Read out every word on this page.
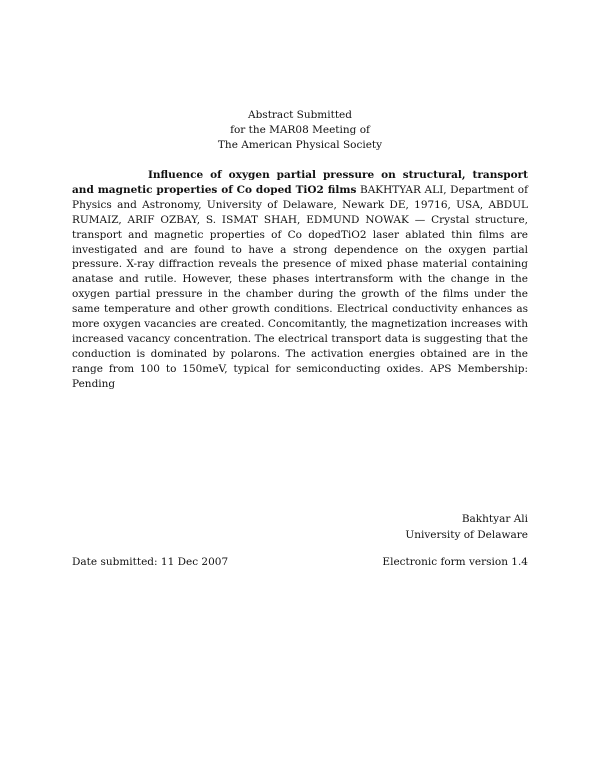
Abstract Submitted
for the MAR08 Meeting of
The American Physical Society
Influence of oxygen partial pressure on structural, transport and magnetic properties of Co doped TiO2 films BAKHTYAR ALI, Department of Physics and Astronomy, University of Delaware, Newark DE, 19716, USA, ABDUL RUMAIZ, ARIF OZBAY, S. ISMAT SHAH, EDMUND NOWAK — Crystal structure, transport and magnetic properties of Co dopedTiO2 laser ablated thin films are investigated and are found to have a strong dependence on the oxygen partial pressure. X-ray diffraction reveals the presence of mixed phase material containing anatase and rutile. However, these phases intertransform with the change in the oxygen partial pressure in the chamber during the growth of the films under the same temperature and other growth conditions. Electrical conductivity enhances as more oxygen vacancies are created. Concomitantly, the magnetization increases with increased vacancy concentration. The electrical transport data is suggesting that the conduction is dominated by polarons. The activation energies obtained are in the range from 100 to 150meV, typical for semiconducting oxides. APS Membership: Pending
Bakhtyar Ali
University of Delaware
Date submitted: 11 Dec 2007	Electronic form version 1.4
